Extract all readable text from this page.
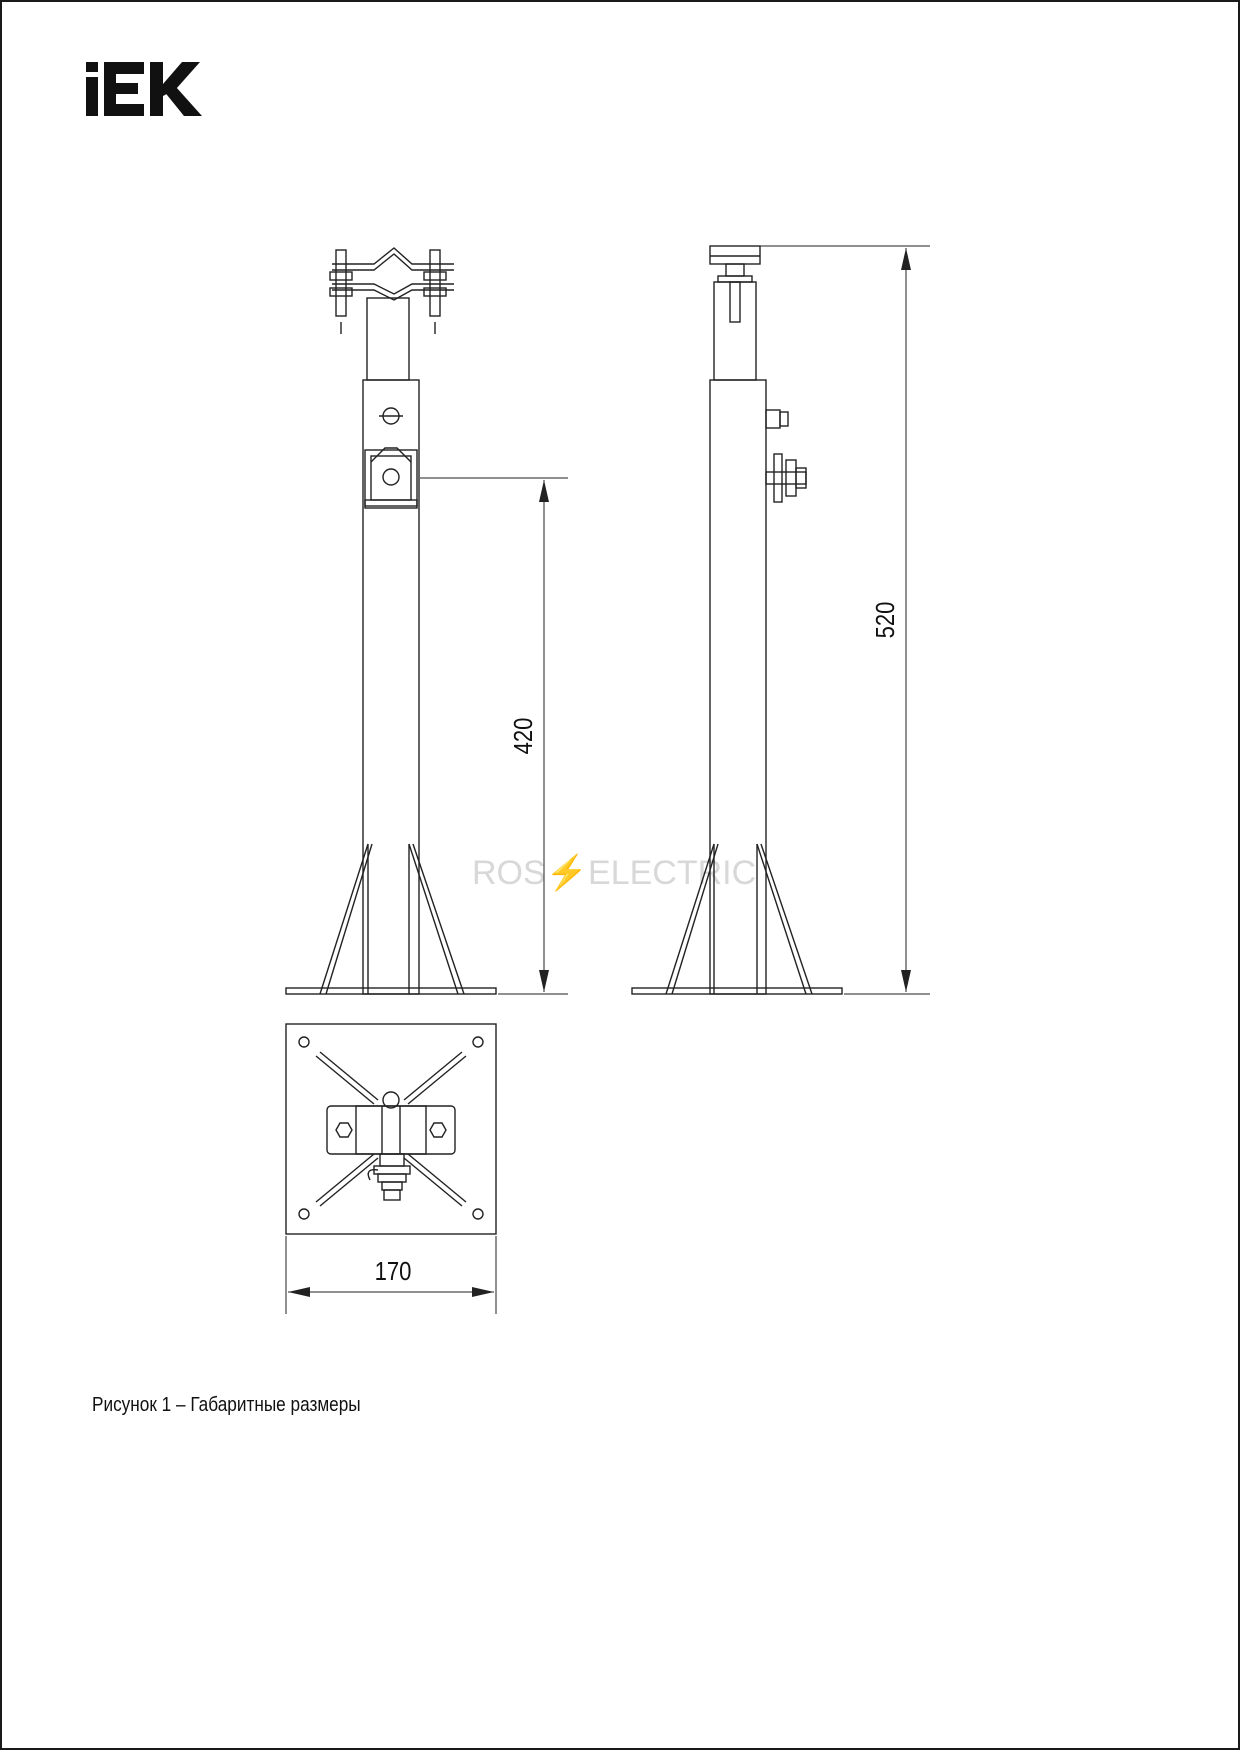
ROS⚡ELECTRIC
420
520
170
Рисунок 1 – Габаритные размеры
